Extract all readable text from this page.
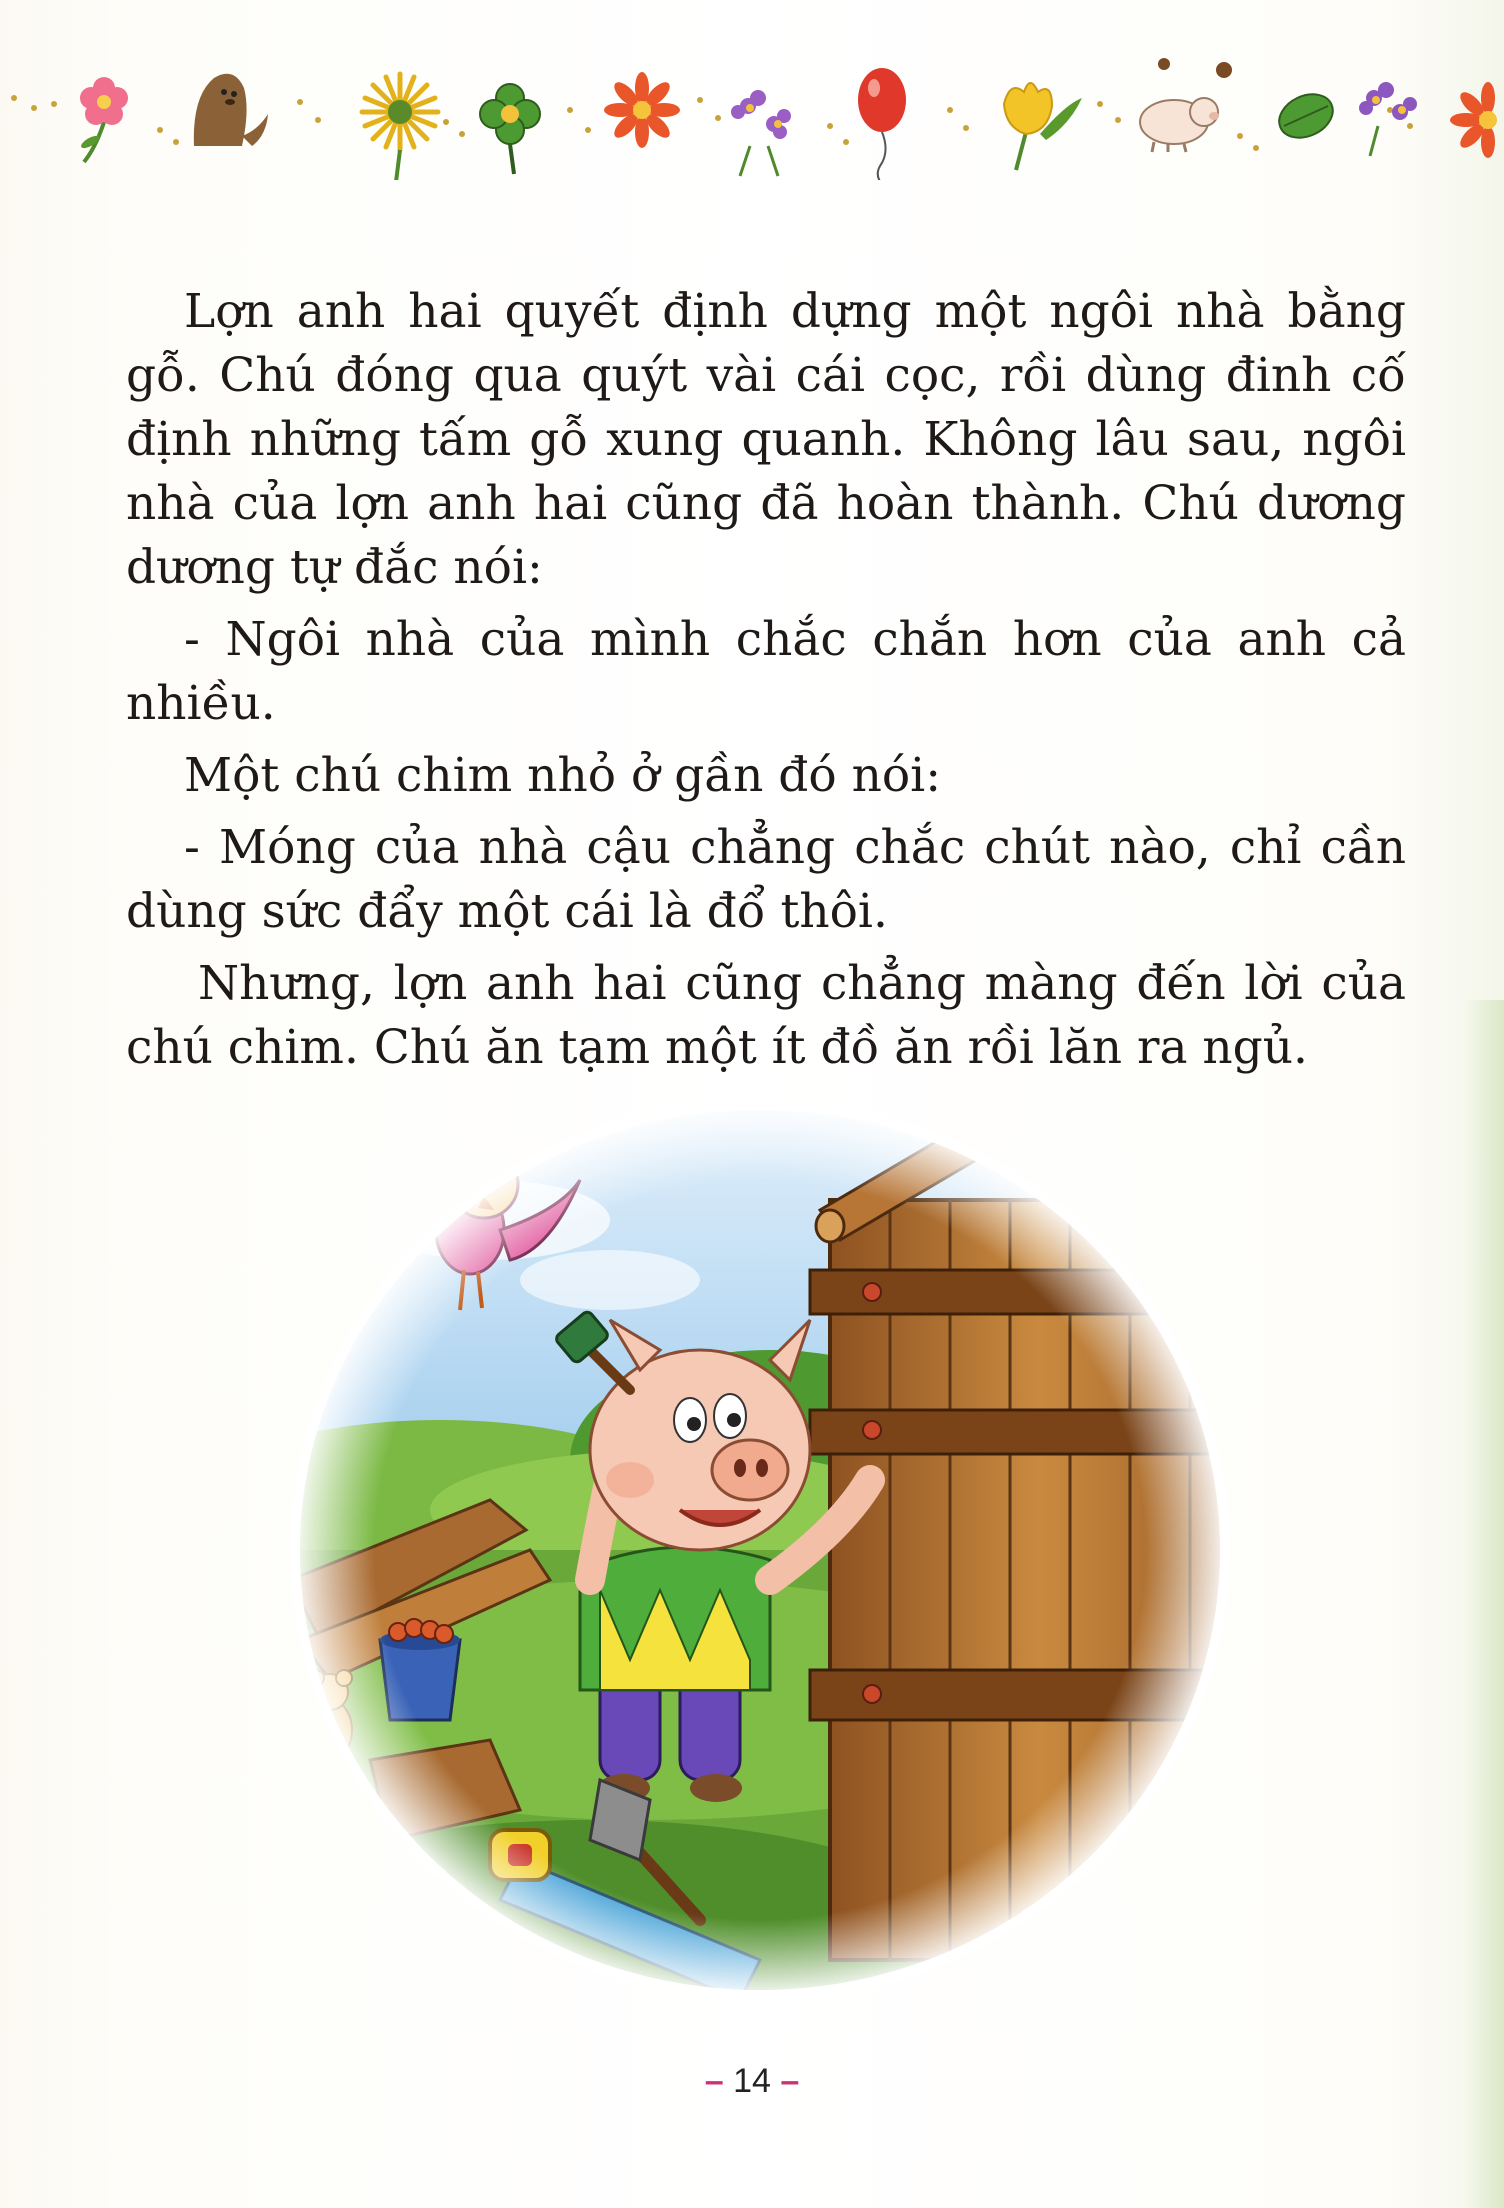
Lợn anh hai quyết định dựng một ngôi nhà bằng gỗ. Chú đóng qua quýt vài cái cọc, rồi dùng đinh cố định những tấm gỗ xung quanh. Không lâu sau, ngôi nhà của lợn anh hai cũng đã hoàn thành. Chú dương dương tự đắc nói:

- Ngôi nhà của mình chắc chắn hơn của anh cả nhiều.

Một chú chim nhỏ ở gần đó nói:

- Móng của nhà cậu chẳng chắc chút nào, chỉ cần dùng sức đẩy một cái là đổ thôi.

Nhưng, lợn anh hai cũng chẳng màng đến lời của chú chim. Chú ăn tạm một ít đồ ăn rồi lăn ra ngủ.

– 14 –
